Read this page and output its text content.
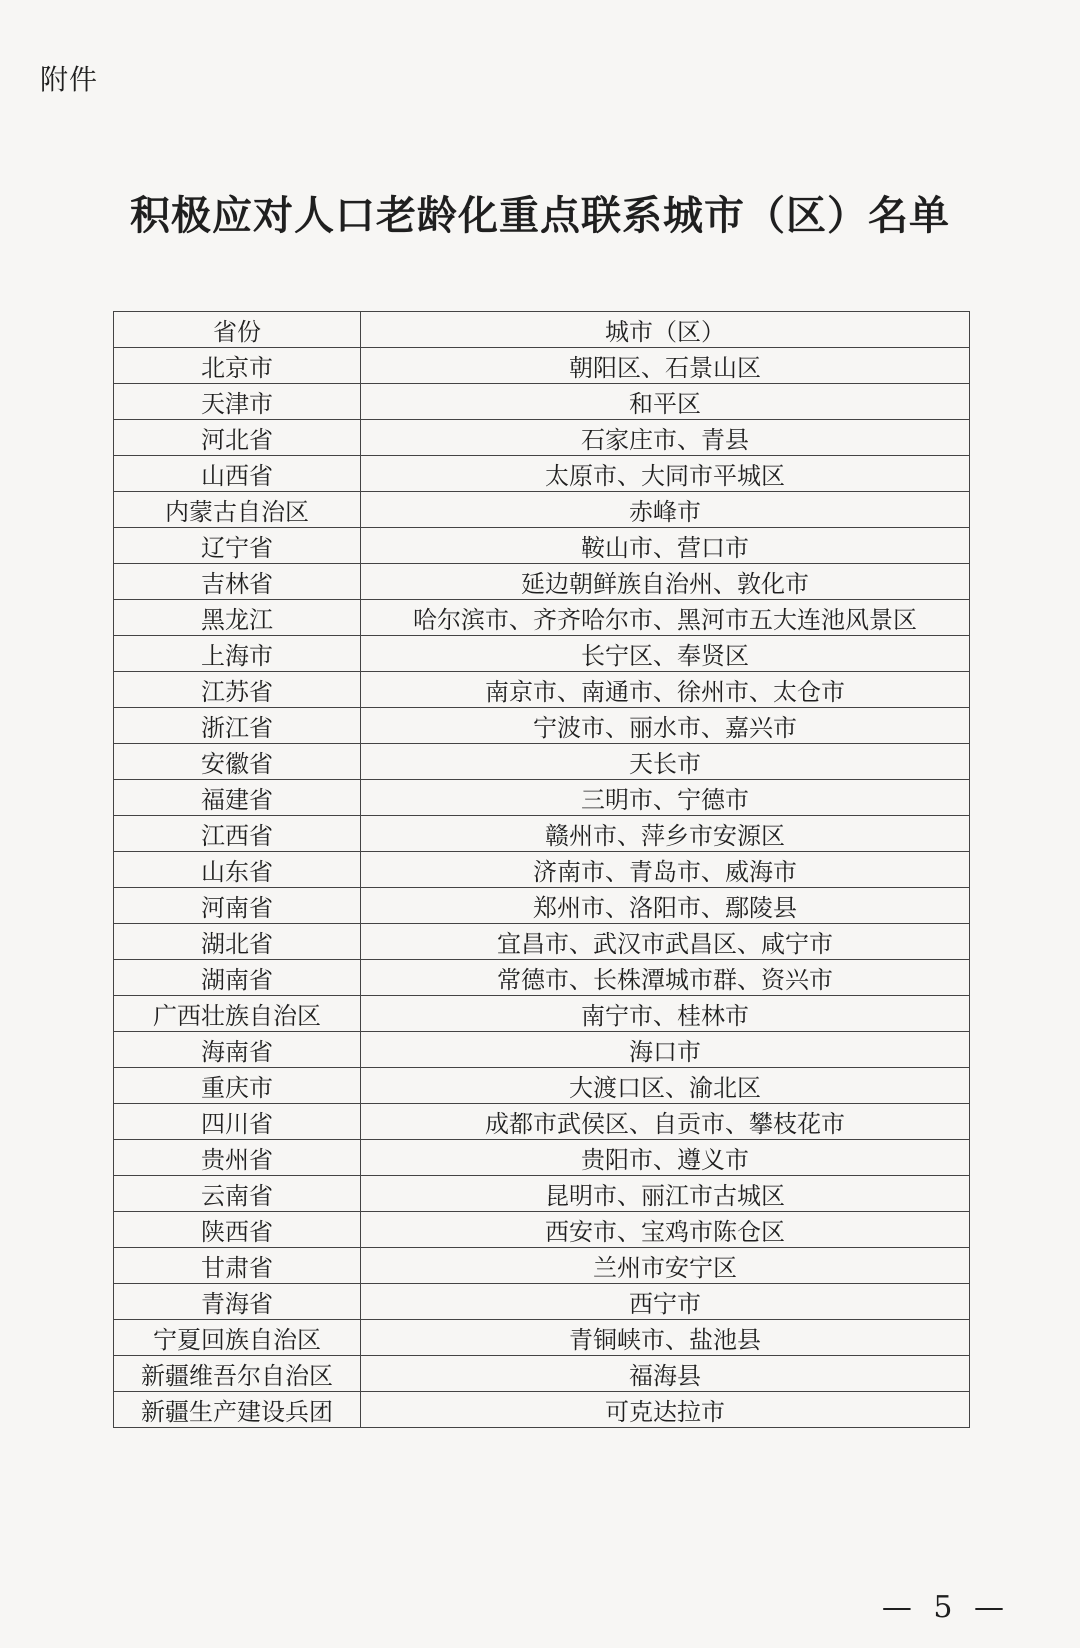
附件
积极应对人口老龄化重点联系城市（区）名单
省份	城市（区）
北京市	朝阳区、石景山区
天津市	和平区
河北省	石家庄市、青县
山西省	太原市、大同市平城区
内蒙古自治区	赤峰市
辽宁省	鞍山市、营口市
吉林省	延边朝鲜族自治州、敦化市
黑龙江	哈尔滨市、齐齐哈尔市、黑河市五大连池风景区
上海市	长宁区、奉贤区
江苏省	南京市、南通市、徐州市、太仓市
浙江省	宁波市、丽水市、嘉兴市
安徽省	天长市
福建省	三明市、宁德市
江西省	赣州市、萍乡市安源区
山东省	济南市、青岛市、威海市
河南省	郑州市、洛阳市、鄢陵县
湖北省	宜昌市、武汉市武昌区、咸宁市
湖南省	常德市、长株潭城市群、资兴市
广西壮族自治区	南宁市、桂林市
海南省	海口市
重庆市	大渡口区、渝北区
四川省	成都市武侯区、自贡市、攀枝花市
贵州省	贵阳市、遵义市
云南省	昆明市、丽江市古城区
陕西省	西安市、宝鸡市陈仓区
甘肃省	兰州市安宁区
青海省	西宁市
宁夏回族自治区	青铜峡市、盐池县
新疆维吾尔自治区	福海县
新疆生产建设兵团	可克达拉市
— 5 —
